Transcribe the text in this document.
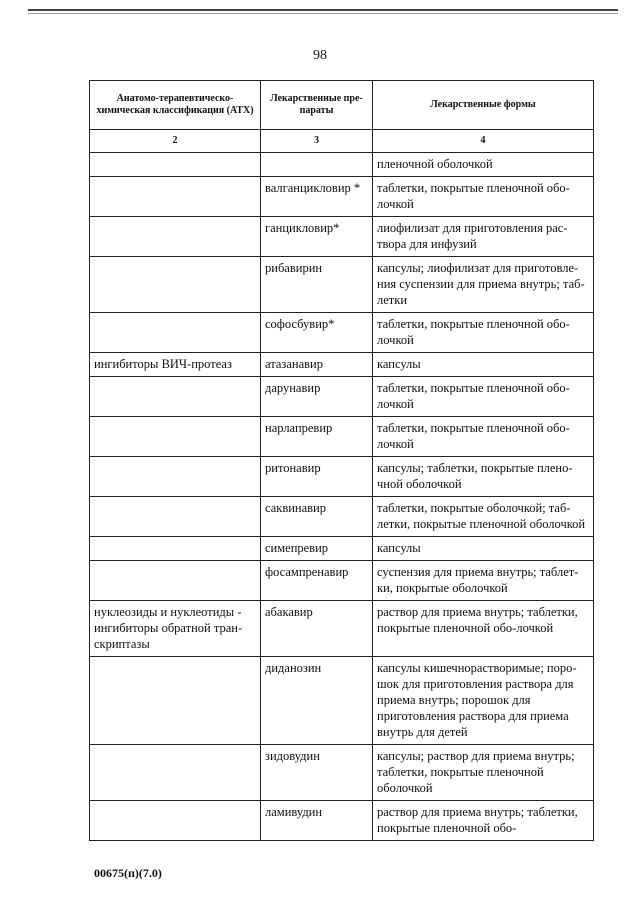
98
Анатомо-терапевтическо-химическая классификация (АТХ)	Лекарственные пре-параты	Лекарственные формы
2	3	4
		пленочной оболочкой
	валганцикловир *	таблетки, покрытые пленочной обо-лочкой
	ганцикловир*	лиофилизат для приготовления рас-твора для инфузий
	рибавирин	капсулы; лиофилизат для приготовле-ния суспензии для приема внутрь; таб-летки
	софосбувир*	таблетки, покрытые пленочной обо-лочкой
ингибиторы ВИЧ-протеаз	атазанавир	капсулы
	дарунавир	таблетки, покрытые пленочной обо-лочкой
	нарлапревир	таблетки, покрытые пленочной обо-лочкой
	ритонавир	капсулы; таблетки, покрытые плено-чной оболочкой
	саквинавир	таблетки, покрытые оболочкой; таб-летки, покрытые пленочной оболочкой
	симепревир	капсулы
	фосампренавир	суспензия для приема внутрь; таблет-ки, покрытые оболочкой
нуклеозиды и нуклеотиды - ингибиторы обратной тран-скриптазы	абакавир	раствор для приема внутрь; таблетки, покрытые пленочной обо-лочкой
	диданозин	капсулы кишечнорастворимые; поро-шок для приготовления раствора для приема внутрь; порошок для приготовления раствора для приема внутрь для детей
	зидовудин	капсулы; раствор для приема внутрь; таблетки, покрытые пленочной оболочкой
	ламивудин	раствор для приема внутрь; таблетки, покрытые пленочной обо-
00675(п)(7.0)
